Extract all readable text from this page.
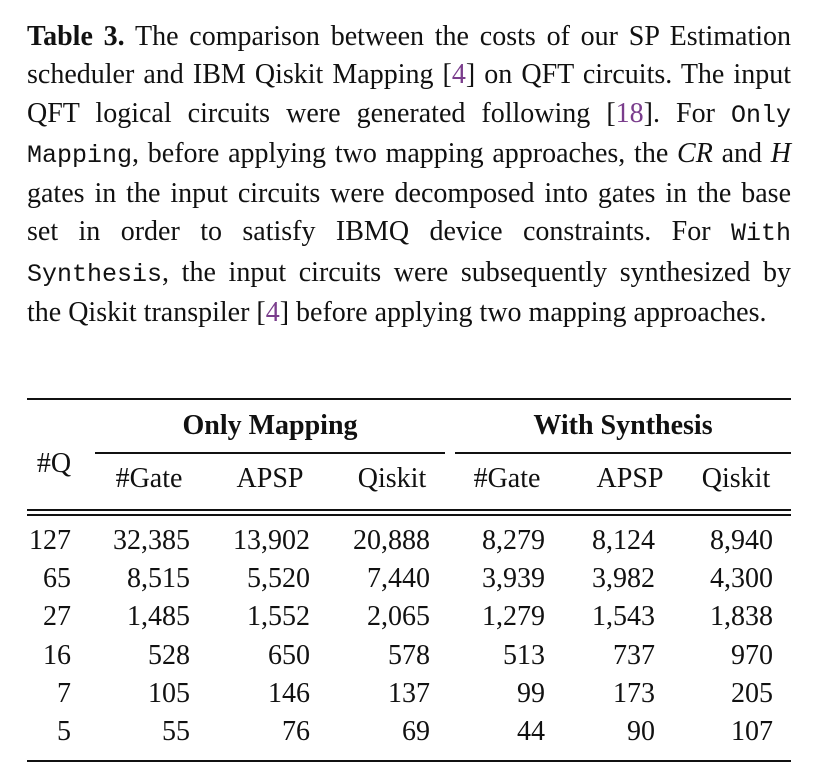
Table 3. The comparison between the costs of our SP Estimation scheduler and IBM Qiskit Mapping [4] on QFT circuits. The input QFT logical circuits were generated following [18]. For Only Mapping, before applying two mapping approaches, the CR and H gates in the input circuits were decomposed into gates in the base set in order to satisfy IBMQ device constraints. For With Synthesis, the input circuits were subsequently synthesized by the Qiskit transpiler [4] before applying two mapping approaches.

#Q
Only Mapping	With Synthesis
#Gate	APSP	Qiskit	#Gate	APSP	Qiskit
127	32,385	13,902	20,888	8,279	8,124	8,940
65	8,515	5,520	7,440	3,939	3,982	4,300
27	1,485	1,552	2,065	1,279	1,543	1,838
16	528	650	578	513	737	970
7	105	146	137	99	173	205
5	55	76	69	44	90	107
